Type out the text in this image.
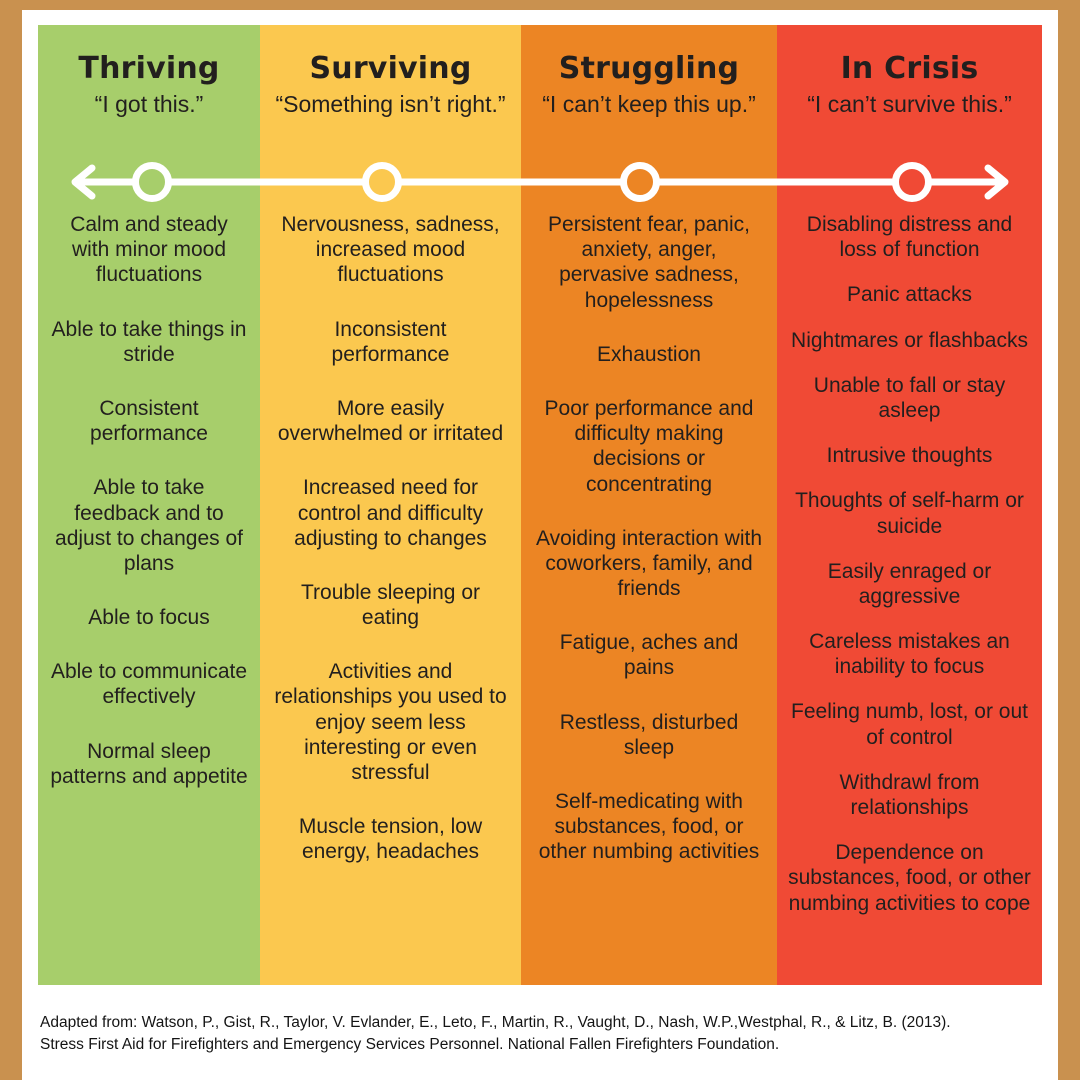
Thriving
“I got this.”

Calm and steady with minor mood fluctuations

Able to take things in stride

Consistent performance

Able to take feedback and to adjust to changes of plans

Able to focus

Able to communicate effectively

Normal sleep patterns and appetite

Surviving
“Something isn’t right.”

Nervousness, sadness, increased mood fluctuations

Inconsistent performance

More easily overwhelmed or irritated

Increased need for control and difficulty adjusting to changes

Trouble sleeping or eating

Activities and relationships you used to enjoy seem less interesting or even stressful

Muscle tension, low energy, headaches

Struggling
“I can’t keep this up.”

Persistent fear, panic, anxiety, anger, pervasive sadness, hopelessness

Exhaustion

Poor performance and difficulty making decisions or concentrating

Avoiding interaction with coworkers, family, and friends

Fatigue, aches and pains

Restless, disturbed sleep

Self-medicating with substances, food, or other numbing activities

In Crisis
“I can’t survive this.”

Disabling distress and loss of function

Panic attacks

Nightmares or flashbacks

Unable to fall or stay asleep

Intrusive thoughts

Thoughts of self-harm or suicide

Easily enraged or aggressive

Careless mistakes an inability to focus

Feeling numb, lost, or out of control

Withdrawl from relationships

Dependence on substances, food, or other numbing activities to cope

Adapted from: Watson, P., Gist, R., Taylor, V. Evlander, E., Leto, F., Martin, R., Vaught, D., Nash, W.P.,Westphal, R., & Litz, B. (2013).
Stress First Aid for Firefighters and Emergency Services Personnel. National Fallen Firefighters Foundation.
